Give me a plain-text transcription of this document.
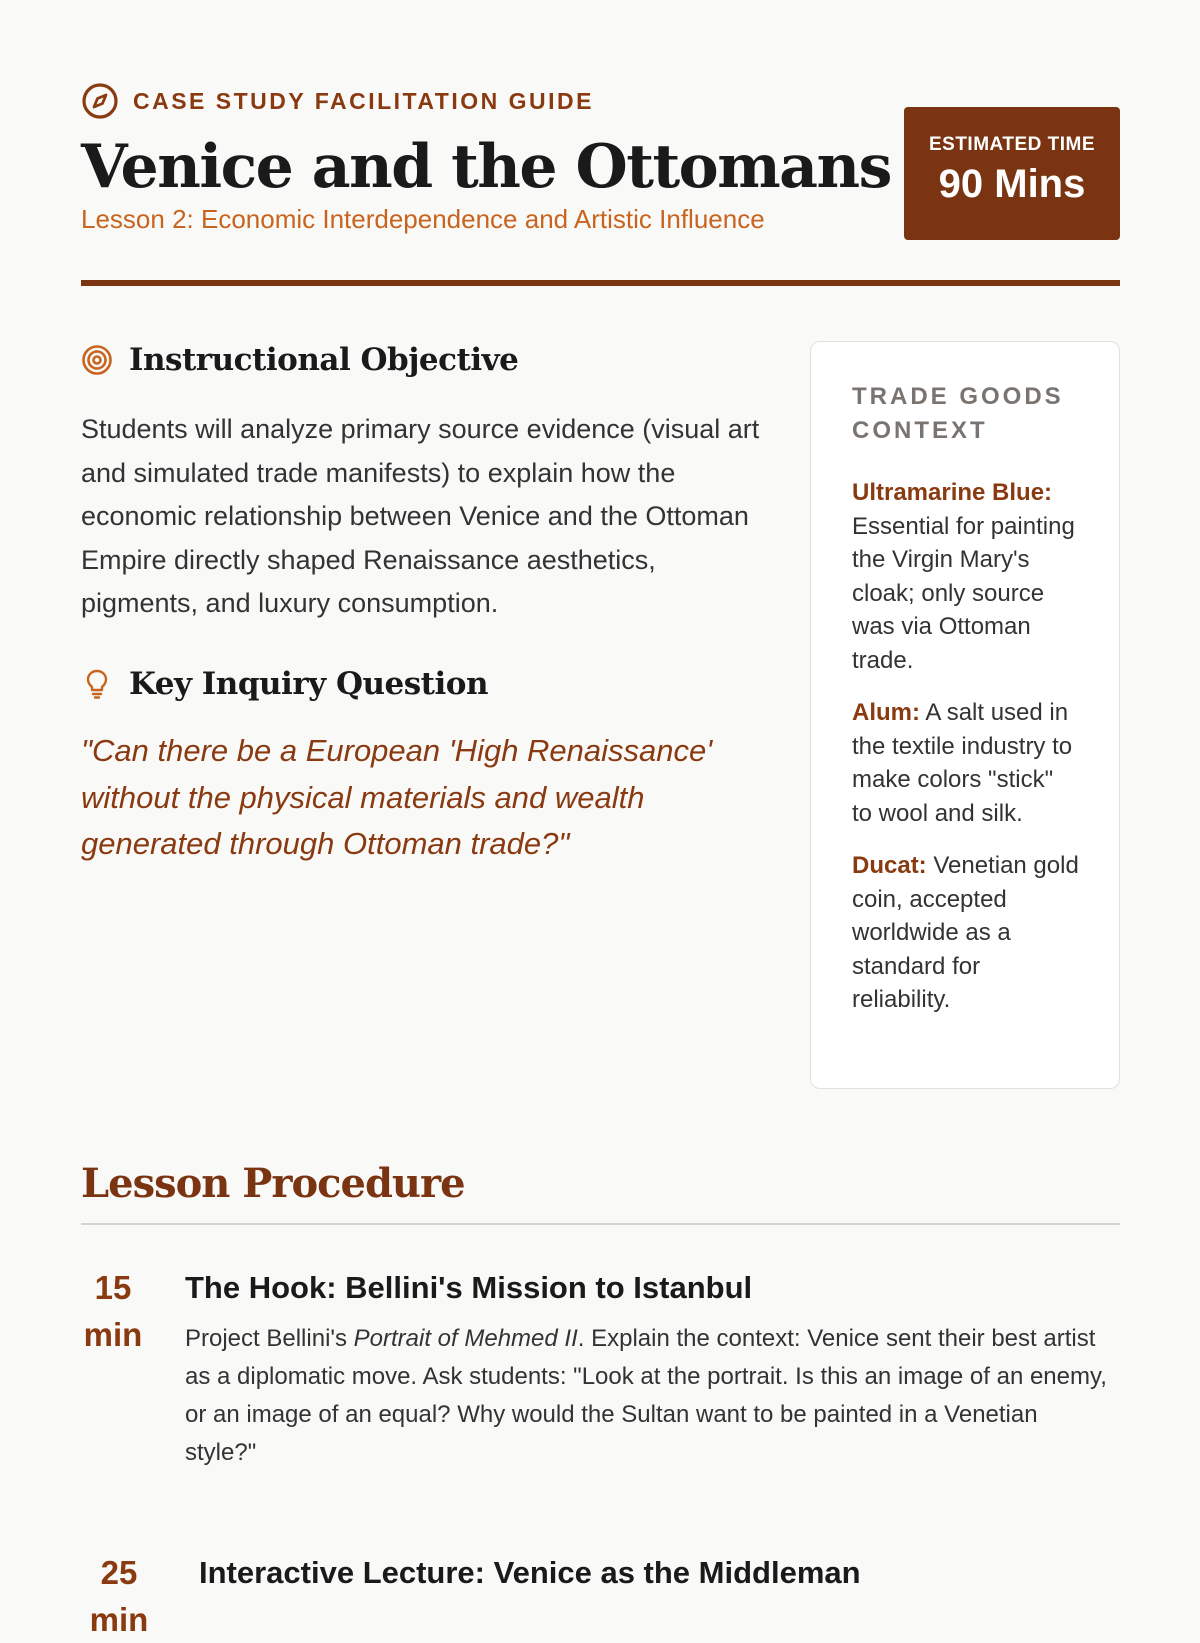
CASE STUDY FACILITATION GUIDE
Venice and the Ottomans
Lesson 2: Economic Interdependence and Artistic Influence
ESTIMATED TIME
90 Mins
Instructional Objective

Students will analyze primary source evidence (visual art and simulated trade manifests) to explain how the economic relationship between Venice and the Ottoman Empire directly shaped Renaissance aesthetics, pigments, and luxury consumption.

Key Inquiry Question

"Can there be a European 'High Renaissance' without the physical materials and wealth generated through Ottoman trade?"

TRADE GOODS CONTEXT
Ultramarine Blue: Essential for painting the Virgin Mary's cloak; only source was via Ottoman trade.
Alum: A salt used in the textile industry to make colors "stick" to wool and silk.
Ducat: Venetian gold coin, accepted worldwide as a standard for reliability.
Lesson Procedure
15
min
The Hook: Bellini's Mission to Istanbul
Project Bellini's Portrait of Mehmed II. Explain the context: Venice sent their best artist as a diplomatic move. Ask students: "Look at the portrait. Is this an image of an enemy, or an image of an equal? Why would the Sultan want to be painted in a Venetian style?"
25
min
Interactive Lecture: Venice as the Middleman
